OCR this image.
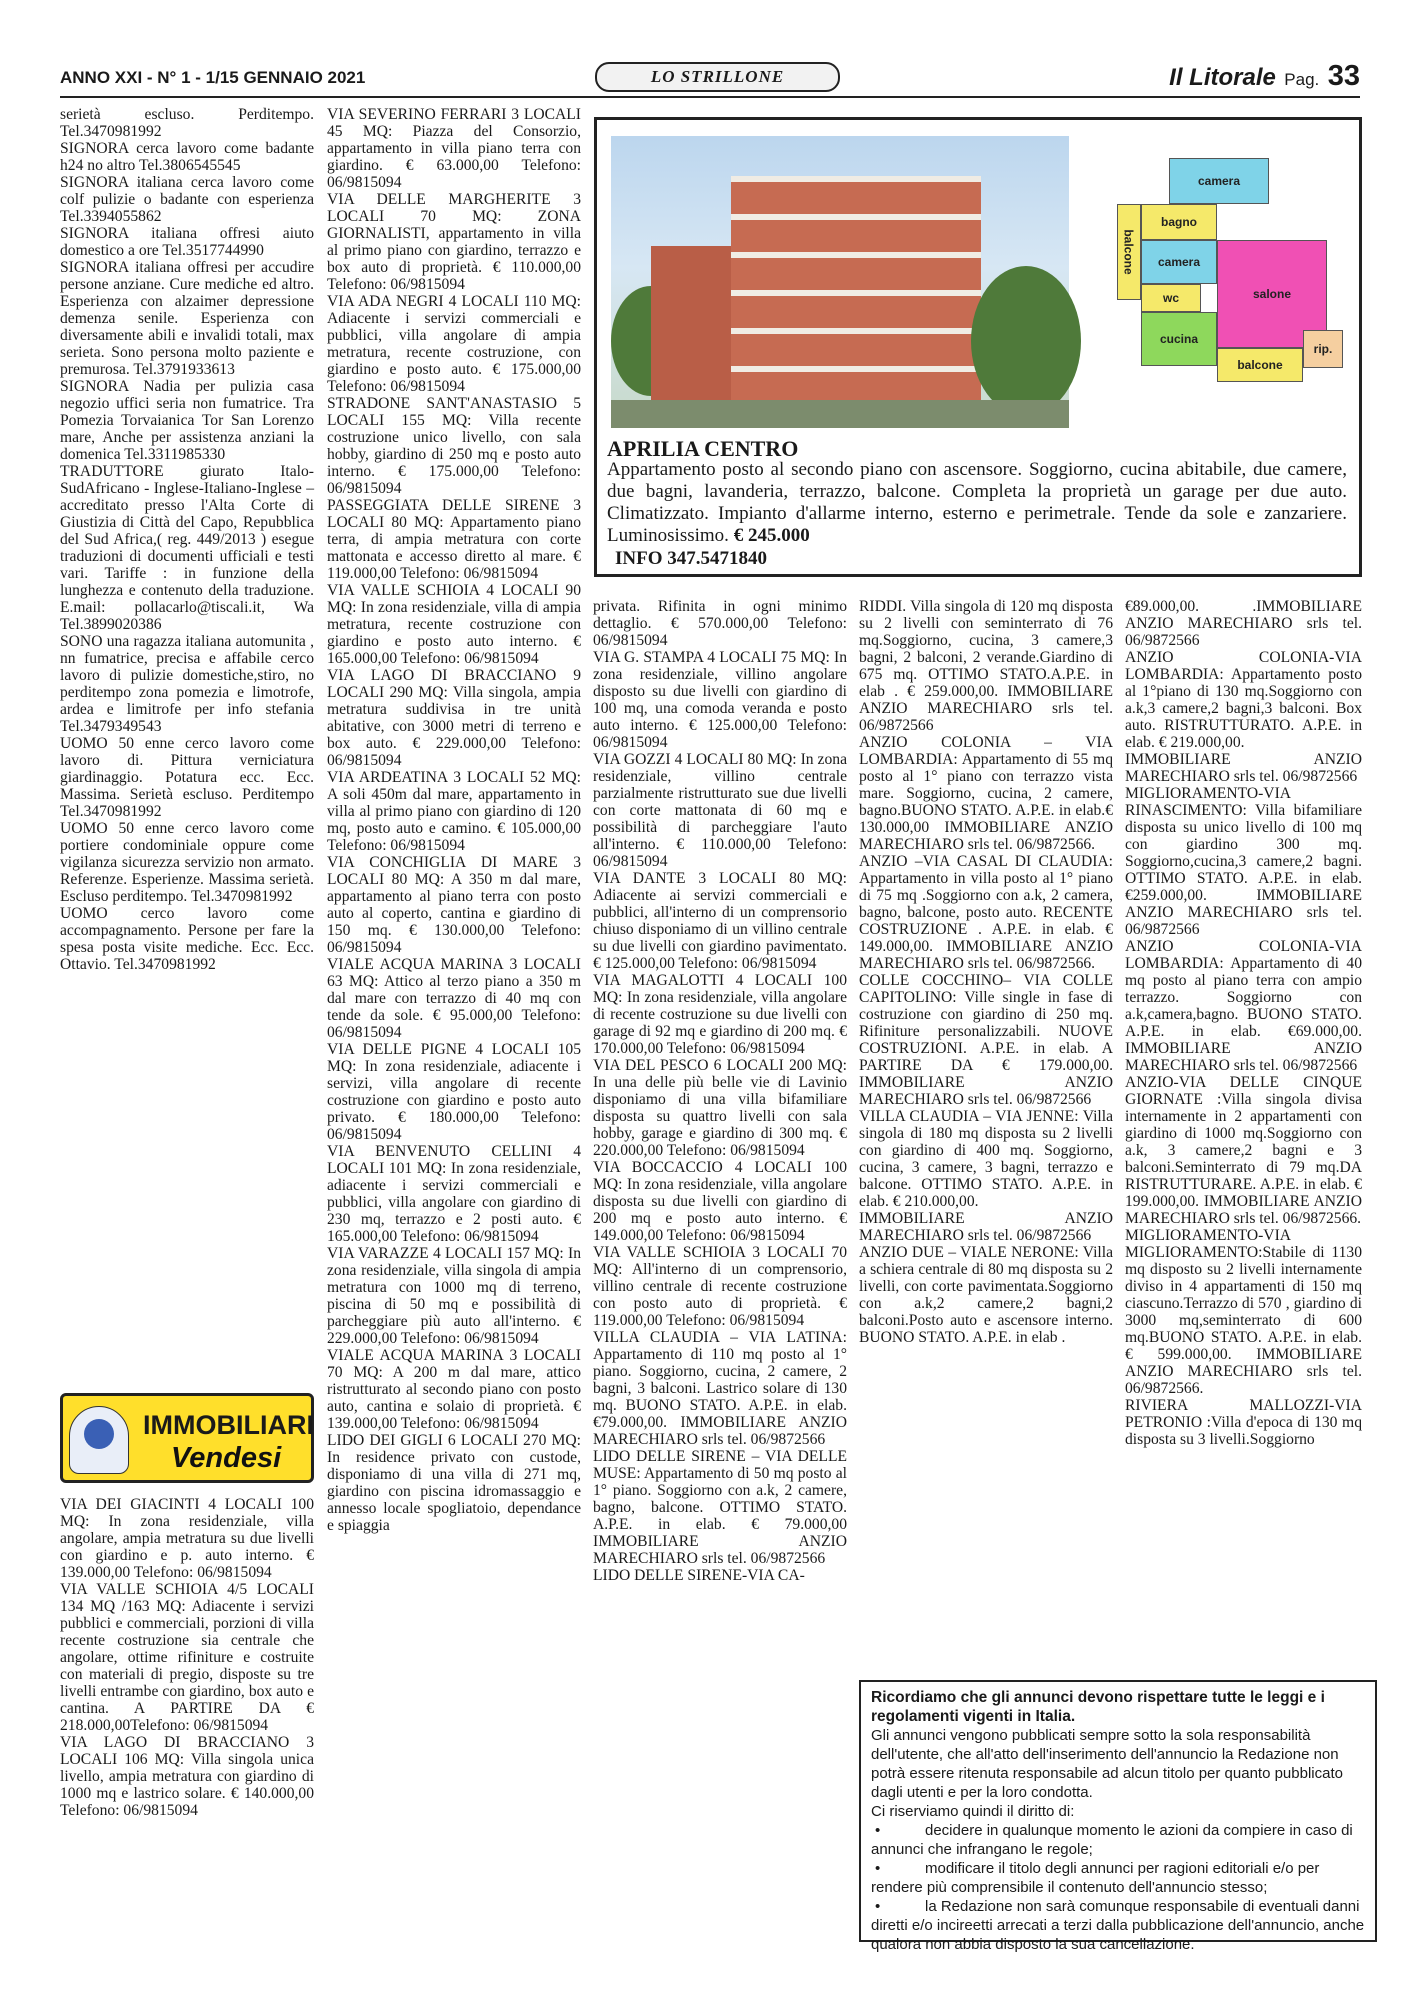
ANNO XXI - N° 1 - 1/15 GENNAIO 2021	LO STRILLONE	Il Litorale Pag. 33

serietà escluso. Perditempo. Tel.3470981992

SIGNORA cerca lavoro come badante h24 no altro Tel.3806545545

SIGNORA italiana cerca lavoro come colf pulizie o badante con esperienza Tel.3394055862

SIGNORA italiana offresi aiuto domestico a ore Tel.3517744990

SIGNORA italiana offresi per accudire persone anziane. Cure mediche ed altro. Esperienza con alzaimer depressione demenza senile. Esperienza con diversamente abili e invalidi totali, max serieta. Sono persona molto paziente e premurosa. Tel.3791933613

SIGNORA Nadia per pulizia casa negozio uffici seria non fumatrice. Tra Pomezia Torvaianica Tor San Lorenzo mare, Anche per assistenza anziani la domenica Tel.3311985330

TRADUTTORE giurato Italo-SudAfricano - Inglese-Italiano-Inglese – accreditato presso l'Alta Corte di Giustizia di Città del Capo, Repubblica del Sud Africa,( reg. 449/2013 ) esegue traduzioni di documenti ufficiali e testi vari. Tariffe : in funzione della lunghezza e contenuto della traduzione. E.mail: pollacarlo@tiscali.it, Wa Tel.3899020386

SONO una ragazza italiana automunita , nn fumatrice, precisa e affabile cerco lavoro di pulizie domestiche,stiro, no perditempo zona pomezia e limotrofe, ardea e limitrofe per info stefania Tel.3479349543

UOMO 50 enne cerco lavoro come lavoro di. Pittura verniciatura giardinaggio. Potatura ecc. Ecc. Massima. Serietà escluso. Perditempo Tel.3470981992

UOMO 50 enne cerco lavoro come portiere condominiale oppure come vigilanza sicurezza servizio non armato. Referenze. Esperienze. Massima serietà. Escluso perditempo. Tel.3470981992

UOMO cerco lavoro come accompagnamento. Persone per fare la spesa posta visite mediche. Ecc. Ecc. Ottavio. Tel.3470981992

IMMOBILIARI
Vendesi

VIA DEI GIACINTI 4 LOCALI 100 MQ: In zona residenziale, villa angolare, ampia metratura su due livelli con giardino e p. auto interno. € 139.000,00 Telefono: 06/9815094

VIA VALLE SCHIOIA 4/5 LOCALI 134 MQ /163 MQ: Adiacente i servizi pubblici e commerciali, porzioni di villa recente costruzione sia centrale che angolare, ottime rifiniture e costruite con materiali di pregio, disposte su tre livelli entrambe con giardino, box auto e cantina. A PARTIRE DA € 218.000,00Telefono: 06/9815094

VIA LAGO DI BRACCIANO 3 LOCALI 106 MQ: Villa singola unica livello, ampia metratura con giardino di 1000 mq e lastrico solare. € 140.000,00 Telefono: 06/9815094

VIA SEVERINO FERRARI 3 LOCALI 45 MQ: Piazza del Consorzio, appartamento in villa piano terra con giardino. € 63.000,00 Telefono: 06/9815094

VIA DELLE MARGHERITE 3 LOCALI 70 MQ: ZONA GIORNALISTI, appartamento in villa al primo piano con giardino, terrazzo e box auto di proprietà. € 110.000,00 Telefono: 06/9815094

VIA ADA NEGRI 4 LOCALI 110 MQ: Adiacente i servizi commerciali e pubblici, villa angolare di ampia metratura, recente costruzione, con giardino e posto auto. € 175.000,00 Telefono: 06/9815094

STRADONE SANT'ANASTASIO 5 LOCALI 155 MQ: Villa recente costruzione unico livello, con sala hobby, giardino di 250 mq e posto auto interno. € 175.000,00 Telefono: 06/9815094

PASSEGGIATA DELLE SIRENE 3 LOCALI 80 MQ: Appartamento piano terra, di ampia metratura con corte mattonata e accesso diretto al mare. € 119.000,00 Telefono: 06/9815094

VIA VALLE SCHIOIA 4 LOCALI 90 MQ: In zona residenziale, villa di ampia metratura, recente costruzione con giardino e posto auto interno. € 165.000,00 Telefono: 06/9815094

VIA LAGO DI BRACCIANO 9 LOCALI 290 MQ: Villa singola, ampia metratura suddivisa in tre unità abitative, con 3000 metri di terreno e box auto. € 229.000,00 Telefono: 06/9815094

VIA ARDEATINA 3 LOCALI 52 MQ: A soli 450m dal mare, appartamento in villa al primo piano con giardino di 120 mq, posto auto e camino. € 105.000,00 Telefono: 06/9815094

VIA CONCHIGLIA DI MARE 3 LOCALI 80 MQ: A 350 m dal mare, appartamento al piano terra con posto auto al coperto, cantina e giardino di 150 mq. € 130.000,00 Telefono: 06/9815094

VIALE ACQUA MARINA 3 LOCALI 63 MQ: Attico al terzo piano a 350 m dal mare con terrazzo di 40 mq con tende da sole. € 95.000,00 Telefono: 06/9815094

VIA DELLE PIGNE 4 LOCALI 105 MQ: In zona residenziale, adiacente i servizi, villa angolare di recente costruzione con giardino e posto auto privato. € 180.000,00 Telefono: 06/9815094

VIA BENVENUTO CELLINI 4 LOCALI 101 MQ: In zona residenziale, adiacente i servizi commerciali e pubblici, villa angolare con giardino di 230 mq, terrazzo e 2 posti auto. € 165.000,00 Telefono: 06/9815094

VIA VARAZZE 4 LOCALI 157 MQ: In zona residenziale, villa singola di ampia metratura con 1000 mq di terreno, piscina di 50 mq e possibilità di parcheggiare più auto all'interno. € 229.000,00 Telefono: 06/9815094

VIALE ACQUA MARINA 3 LOCALI 70 MQ: A 200 m dal mare, attico ristrutturato al secondo piano con posto auto, cantina e solaio di proprietà. € 139.000,00 Telefono: 06/9815094

LIDO DEI GIGLI 6 LOCALI 270 MQ: In residence privato con custode, disponiamo di una villa di 271 mq, giardino con piscina idromassaggio e annesso locale spogliatoio, dependance e spiaggia

camera
balcone
bagno
camera
wc	salone
cucina
balcone
rip.
APRILIA CENTRO
Appartamento posto al secondo piano con ascensore. Soggiorno, cucina abitabile, due camere, due bagni, lavanderia, terrazzo, balcone. Completa la proprietà un garage per due auto. Climatizzato. Impianto d'allarme interno, esterno e perimetrale. Tende da sole e zanzariere. Luminosissimo. € 245.000
INFO 347.5471840

privata. Rifinita in ogni minimo dettaglio. € 570.000,00 Telefono: 06/9815094

VIA G. STAMPA 4 LOCALI 75 MQ: In zona residenziale, villino angolare disposto su due livelli con giardino di 100 mq, una comoda veranda e posto auto interno. € 125.000,00 Telefono: 06/9815094

VIA GOZZI 4 LOCALI 80 MQ: In zona residenziale, villino centrale parzialmente ristrutturato sue due livelli con corte mattonata di 60 mq e possibilità di parcheggiare l'auto all'interno. € 110.000,00 Telefono: 06/9815094

VIA DANTE 3 LOCALI 80 MQ: Adiacente ai servizi commerciali e pubblici, all'interno di un comprensorio chiuso disponiamo di un villino centrale su due livelli con giardino pavimentato. € 125.000,00 Telefono: 06/9815094

VIA MAGALOTTI 4 LOCALI 100 MQ: In zona residenziale, villa angolare di recente costruzione su due livelli con garage di 92 mq e giardino di 200 mq. € 170.000,00 Telefono: 06/9815094

VIA DEL PESCO 6 LOCALI 200 MQ: In una delle più belle vie di Lavinio disponiamo di una villa bifamiliare disposta su quattro livelli con sala hobby, garage e giardino di 300 mq. € 220.000,00 Telefono: 06/9815094

VIA BOCCACCIO 4 LOCALI 100 MQ: In zona residenziale, villa angolare disposta su due livelli con giardino di 200 mq e posto auto interno. € 149.000,00 Telefono: 06/9815094

VIA VALLE SCHIOIA 3 LOCALI 70 MQ: All'interno di un comprensorio, villino centrale di recente costruzione con posto auto di proprietà. € 119.000,00 Telefono: 06/9815094

VILLA CLAUDIA – VIA LATINA: Appartamento di 110 mq posto al 1° piano. Soggiorno, cucina, 2 camere, 2 bagni, 3 balconi. Lastrico solare di 130 mq. BUONO STATO. A.P.E. in elab. €79.000,00. IMMOBILIARE ANZIO MARECHIARO srls tel. 06/9872566

LIDO DELLE SIRENE – VIA DELLE MUSE: Appartamento di 50 mq posto al 1° piano. Soggiorno con a.k, 2 camere, bagno, balcone. OTTIMO STATO. A.P.E. in elab. € 79.000,00 IMMOBILIARE ANZIO MARECHIARO srls tel. 06/9872566

LIDO DELLE SIRENE-VIA CA-

RIDDI. Villa singola di 120 mq disposta su 2 livelli con seminterrato di 76 mq.Soggiorno, cucina, 3 camere,3 bagni, 2 balconi, 2 verande.Giardino di 675 mq. OTTIMO STATO.A.P.E. in elab . € 259.000,00. IMMOBILIARE ANZIO MARECHIARO srls tel. 06/9872566

ANZIO COLONIA – VIA LOMBARDIA: Appartamento di 55 mq posto al 1° piano con terrazzo vista mare. Soggiorno, cucina, 2 camere, bagno.BUONO STATO. A.P.E. in elab.€ 130.000,00 IMMOBILIARE ANZIO MARECHIARO srls tel. 06/9872566.

ANZIO –VIA CASAL DI CLAUDIA: Appartamento in villa posto al 1° piano di 75 mq .Soggiorno con a.k, 2 camera, bagno, balcone, posto auto. RECENTE COSTRUZIONE . A.P.E. in elab. € 149.000,00. IMMOBILIARE ANZIO MARECHIARO srls tel. 06/9872566.

COLLE COCCHINO– VIA COLLE CAPITOLINO: Ville single in fase di costruzione con giardino di 250 mq. Rifiniture personalizzabili. NUOVE COSTRUZIONI. A.P.E. in elab. A PARTIRE DA € 179.000,00. IMMOBILIARE ANZIO MARECHIARO srls tel. 06/9872566

VILLA CLAUDIA – VIA JENNE: Villa singola di 180 mq disposta su 2 livelli con giardino di 400 mq. Soggiorno, cucina, 3 camere, 3 bagni, terrazzo e balcone. OTTIMO STATO. A.P.E. in elab. € 210.000,00.

IMMOBILIARE ANZIO MARECHIARO srls tel. 06/9872566

ANZIO DUE – VIALE NERONE: Villa a schiera centrale di 80 mq disposta su 2 livelli, con corte pavimentata.Soggiorno con a.k,2 camere,2 bagni,2 balconi.Posto auto e ascensore interno. BUONO STATO. A.P.E. in elab .

€89.000,00. .IMMOBILIARE ANZIO MARECHIARO srls tel. 06/9872566

ANZIO COLONIA-VIA LOMBARDIA: Appartamento posto al 1°piano di 130 mq.Soggiorno con a.k,3 camere,2 bagni,3 balconi. Box auto. RISTRUTTURATO. A.P.E. in elab. € 219.000,00.

IMMOBILIARE ANZIO MARECHIARO srls tel. 06/9872566

MIGLIORAMENTO-VIA RINASCIMENTO: Villa bifamiliare disposta su unico livello di 100 mq con giardino 300 mq. Soggiorno,cucina,3 camere,2 bagni. OTTIMO STATO. A.P.E. in elab. €259.000,00. IMMOBILIARE ANZIO MARECHIARO srls tel. 06/9872566

ANZIO COLONIA-VIA LOMBARDIA: Appartamento di 40 mq posto al piano terra con ampio terrazzo. Soggiorno con a.k,camera,bagno. BUONO STATO. A.P.E. in elab. €69.000,00. IMMOBILIARE ANZIO MARECHIARO srls tel. 06/9872566

ANZIO-VIA DELLE CINQUE GIORNATE :Villa singola divisa internamente in 2 appartamenti con giardino di 1000 mq.Soggiorno con a.k, 3 camere,2 bagni e 3 balconi.Seminterrato di 79 mq.DA RISTRUTTURARE. A.P.E. in elab. € 199.000,00. IMMOBILIARE ANZIO MARECHIARO srls tel. 06/9872566.

MIGLIORAMENTO-VIA MIGLIORAMENTO:Stabile di 1130 mq disposto su 2 livelli internamente diviso in 4 appartamenti di 150 mq ciascuno.Terrazzo di 570 , giardino di 3000 mq,seminterrato di 600 mq.BUONO STATO. A.P.E. in elab. € 599.000,00. IMMOBILIARE ANZIO MARECHIARO srls tel. 06/9872566.

RIVIERA MALLOZZI-VIA PETRONIO :Villa d'epoca di 130 mq disposta su 3 livelli.Soggiorno

Ricordiamo che gli annunci devono rispettare tutte le leggi e i regolamenti vigenti in Italia.
Gli annunci vengono pubblicati sempre sotto la sola responsabilità dell'utente, che all'atto dell'inserimento dell'annuncio la Redazione non potrà essere ritenuta responsabile ad alcun titolo per quanto pubblicato dagli utenti e per la loro condotta.
Ci riserviamo quindi il diritto di:
• decidere in qualunque momento le azioni da compiere in caso di annunci che infrangano le regole;
• modificare il titolo degli annunci per ragioni editoriali e/o per rendere più comprensibile il contenuto dell'annuncio stesso;
• la Redazione non sarà comunque responsabile di eventuali danni diretti e/o incireetti arrecati a terzi dalla pubblicazione dell'annuncio, anche qualora non abbia disposto la sua cancellazione.
